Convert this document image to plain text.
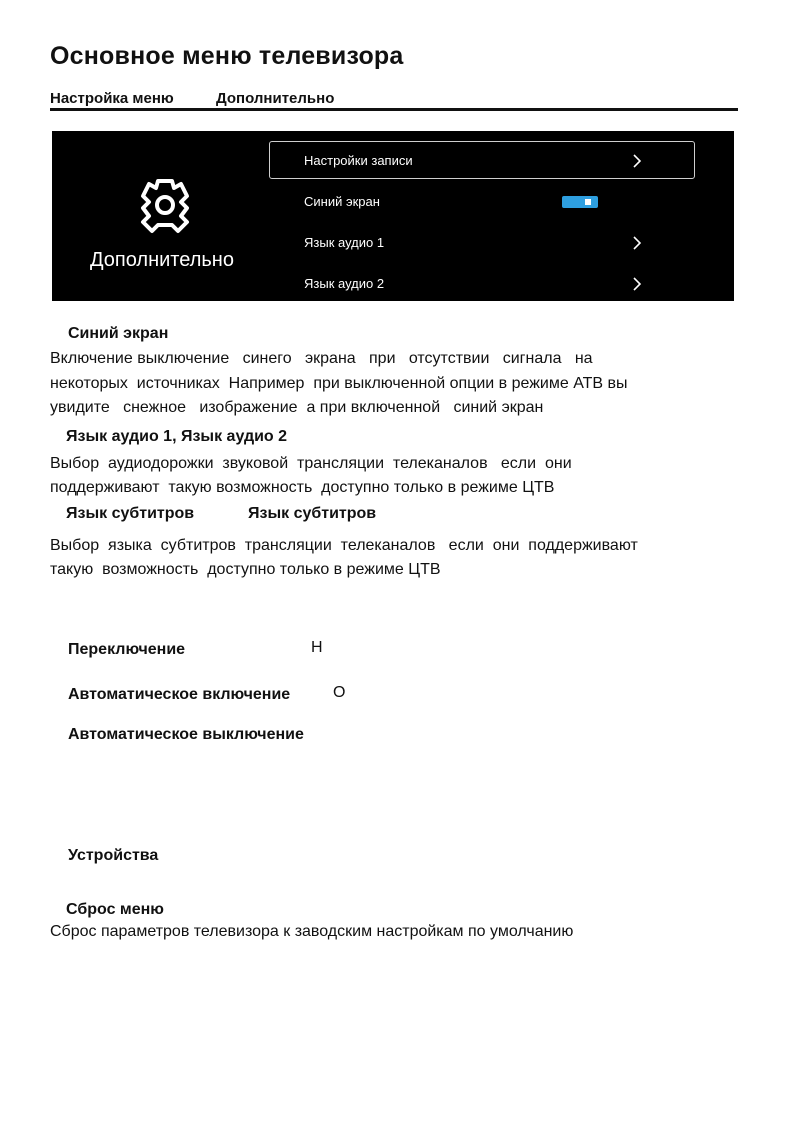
Основное меню телевизора
Настройка меню	Дополнительно
Дополнительно
Настройки записи
Синий экран
Язык аудио 1
Язык аудио 2
Синий экран
Включение выключение   синего   экрана   при   отсутствии   сигнала   на
некоторых  источниках  Например  при выключенной опции в режиме АТВ вы
увидите   снежное   изображение  а при включенной   синий экран
Язык аудио 1, Язык аудио 2
Выбор  аудиодорожки  звуковой  трансляции  телеканалов   если  они
поддерживают  такую возможность  доступно только в режиме ЦТВ
Язык субтитров	Язык субтитров
Выбор  языка  субтитров  трансляции  телеканалов   если  они  поддерживают
такую  возможность  доступно только в режиме ЦТВ
Переключение	Н
Автоматическое включение	О
Автоматическое выключение
Устройства
Сброс меню
Сброс параметров телевизора к заводским настройкам по умолчанию
